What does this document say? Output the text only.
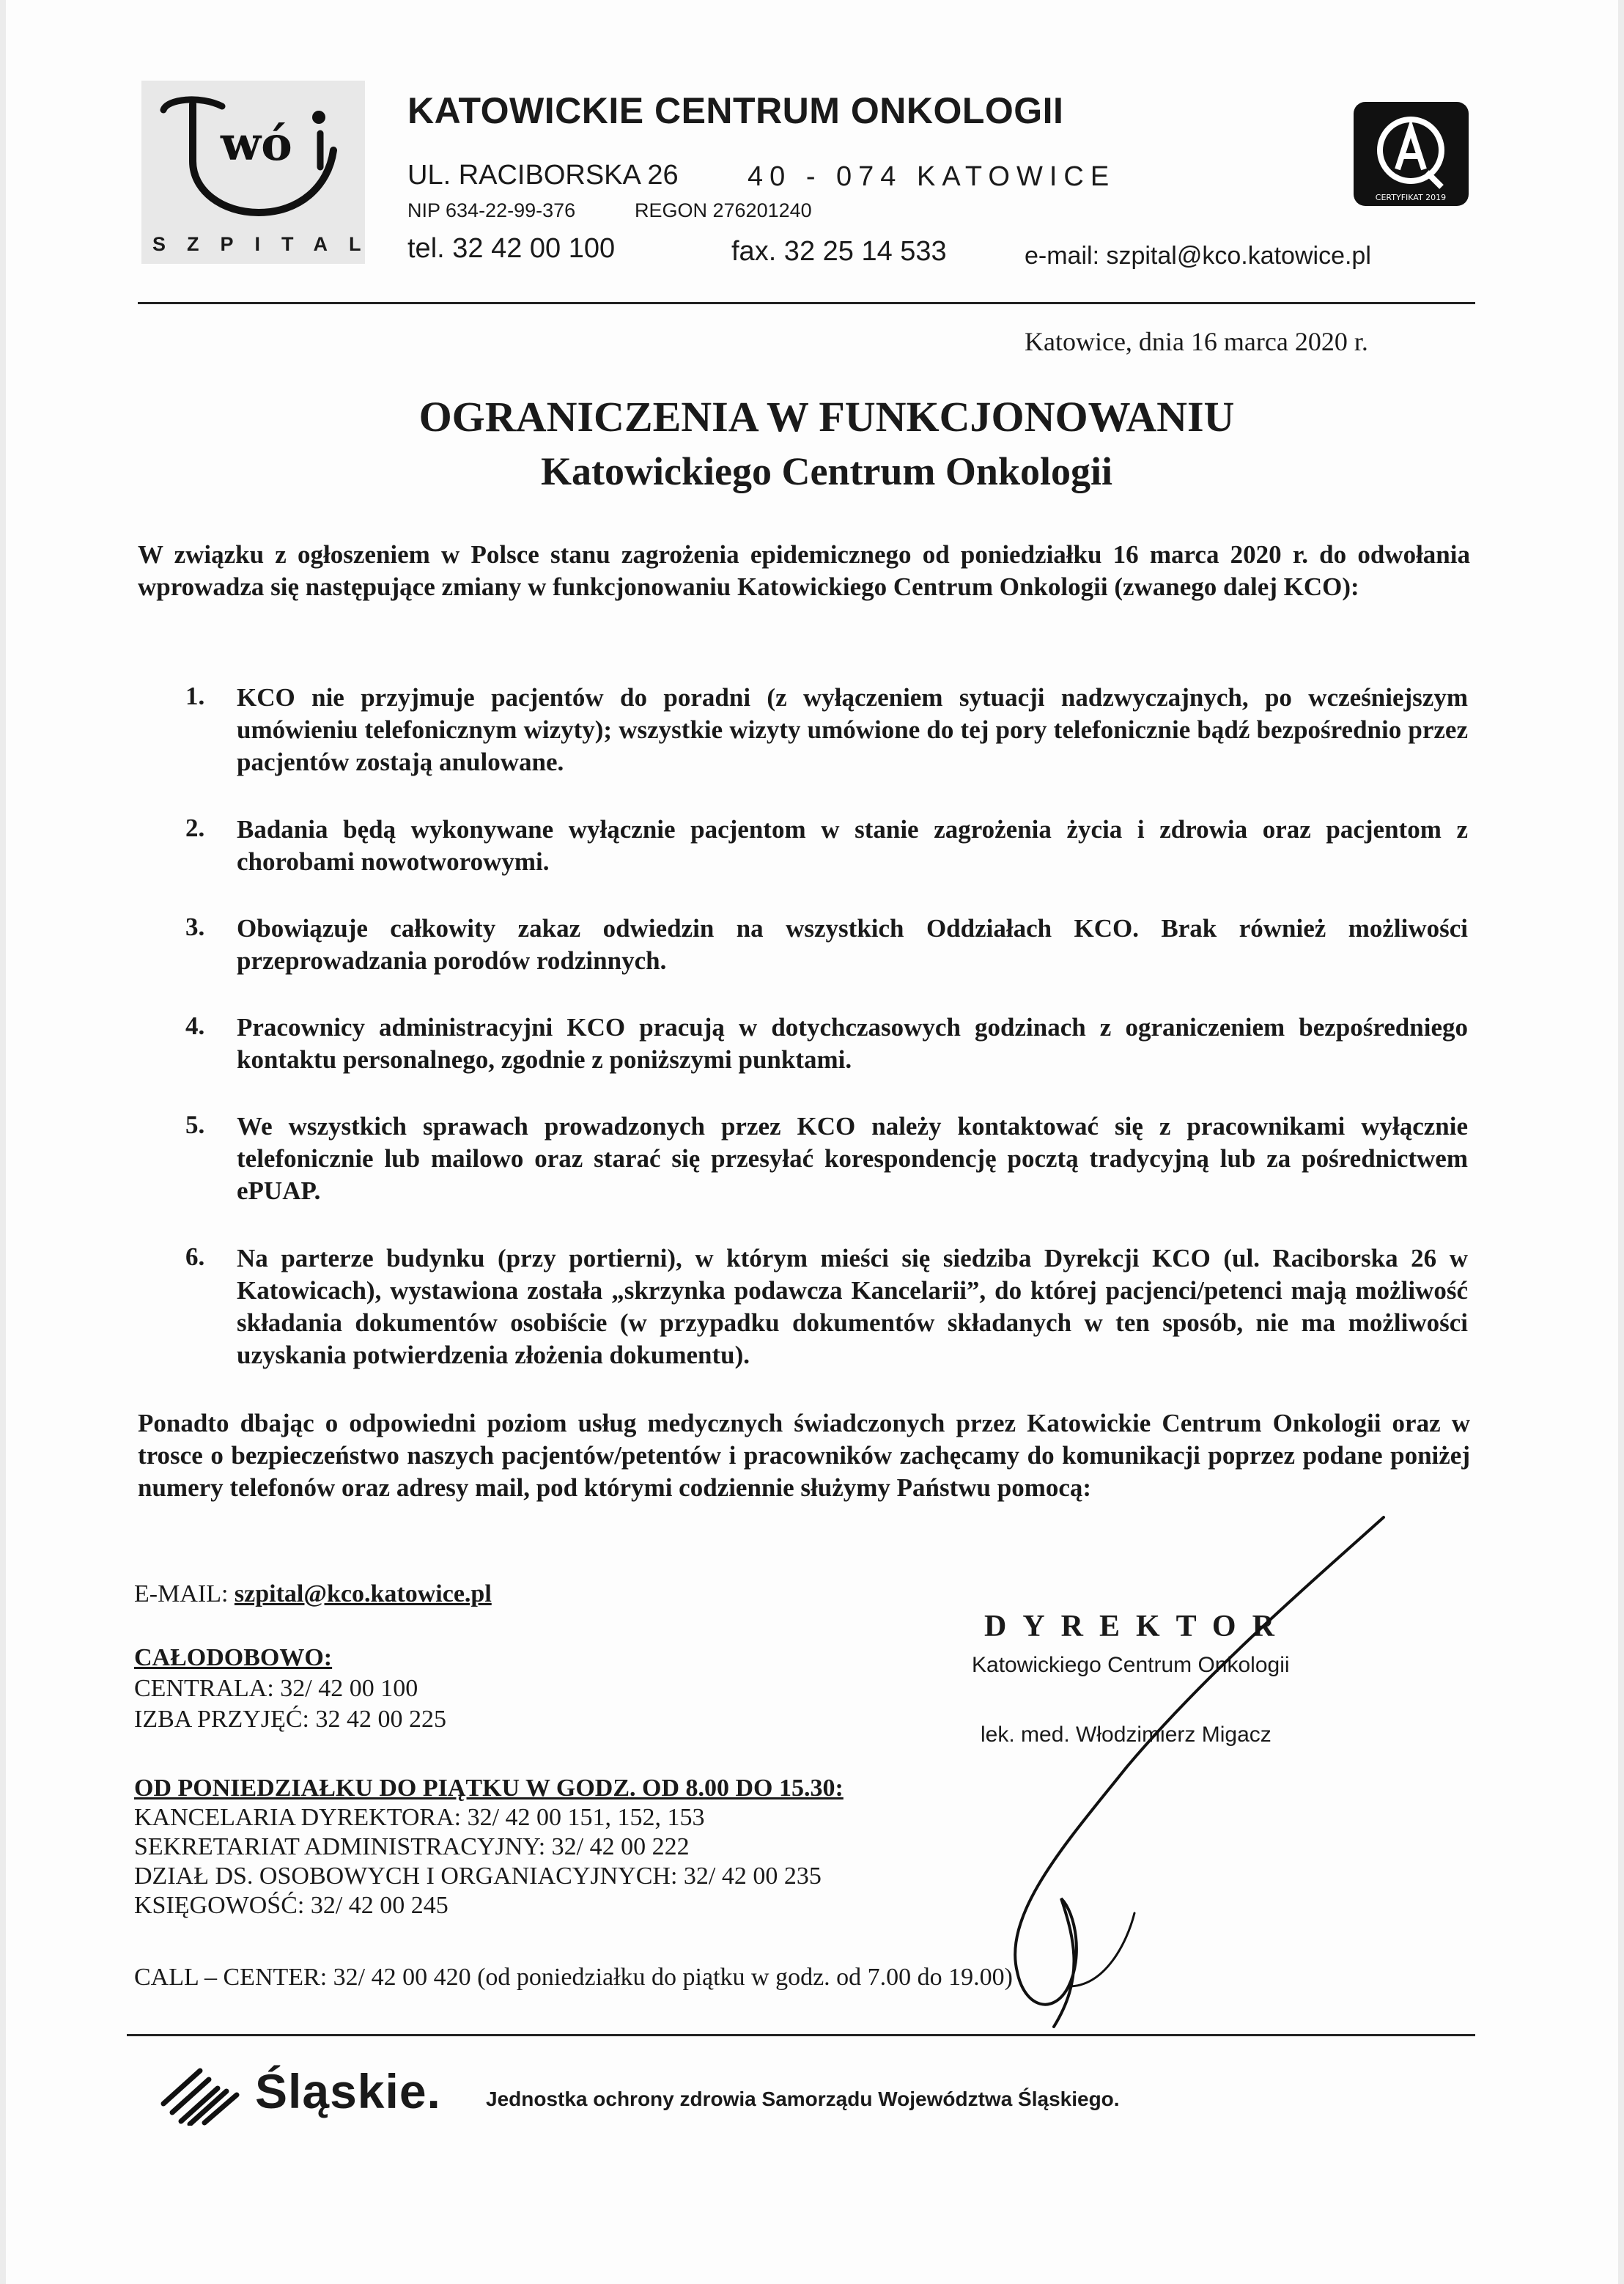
wó
SZPITAL
KATOWICKIE CENTRUM ONKOLOGII
UL. RACIBORSKA 26 40 - 074 KATOWICE
NIP 634-22-99-376	REGON 276201240
tel. 32 42 00 100	fax. 32 25 14 533	e-mail: szpital@kco.katowice.pl
CERTYFIKAT 2019
Katowice, dnia 16 marca 2020 r.
OGRANICZENIA W FUNKCJONOWANIU
Katowickiego Centrum Onkologii
W związku z ogłoszeniem w Polsce stanu zagrożenia epidemicznego od poniedziałku 16 marca 2020 r. do odwołania wprowadza się następujące zmiany w funkcjonowaniu Katowickiego Centrum Onkologii (zwanego dalej KCO):
1. KCO nie przyjmuje pacjentów do poradni (z wyłączeniem sytuacji nadzwyczajnych, po wcześniejszym umówieniu telefonicznym wizyty); wszystkie wizyty umówione do tej pory telefonicznie bądź bezpośrednio przez pacjentów zostają anulowane.
2. Badania będą wykonywane wyłącznie pacjentom w stanie zagrożenia życia i zdrowia oraz pacjentom z chorobami nowotworowymi.
3. Obowiązuje całkowity zakaz odwiedzin na wszystkich Oddziałach KCO. Brak również możliwości przeprowadzania porodów rodzinnych.
4. Pracownicy administracyjni KCO pracują w dotychczasowych godzinach z ograniczeniem bezpośredniego kontaktu personalnego, zgodnie z poniższymi punktami.
5. We wszystkich sprawach prowadzonych przez KCO należy kontaktować się z pracownikami wyłącznie telefonicznie lub mailowo oraz starać się przesyłać korespondencję pocztą tradycyjną lub za pośrednictwem ePUAP.
6. Na parterze budynku (przy portierni), w którym mieści się siedziba Dyrekcji KCO (ul. Raciborska 26 w Katowicach), wystawiona została „skrzynka podawcza Kancelarii”, do której pacjenci/petenci mają możliwość składania dokumentów osobiście (w przypadku dokumentów składanych w ten sposób, nie ma możliwości uzyskania potwierdzenia złożenia dokumentu).
Ponadto dbając o odpowiedni poziom usług medycznych świadczonych przez Katowickie Centrum Onkologii oraz w trosce o bezpieczeństwo naszych pacjentów/petentów i pracowników zachęcamy do komunikacji poprzez podane poniżej numery telefonów oraz adresy mail, pod którymi codziennie służymy Państwu pomocą:
E-MAIL: szpital@kco.katowice.pl
CAŁODOBOWO:
CENTRALA: 32/ 42 00 100
IZBA PRZYJĘĆ: 32 42 00 225
OD PONIEDZIAŁKU DO PIĄTKU W GODZ. OD 8.00 DO 15.30:
KANCELARIA DYREKTORA: 32/ 42 00 151, 152, 153
SEKRETARIAT ADMINISTRACYJNY: 32/ 42 00 222
DZIAŁ DS. OSOBOWYCH I ORGANIACYJNYCH: 32/ 42 00 235
KSIĘGOWOŚĆ: 32/ 42 00 245
CALL – CENTER: 32/ 42 00 420 (od poniedziałku do piątku w godz. od 7.00 do 19.00)
DYREKTOR
Katowickiego Centrum Onkologii
lek. med. Włodzimierz Migacz
Śląskie. Jednostka ochrony zdrowia Samorządu Województwa Śląskiego.
